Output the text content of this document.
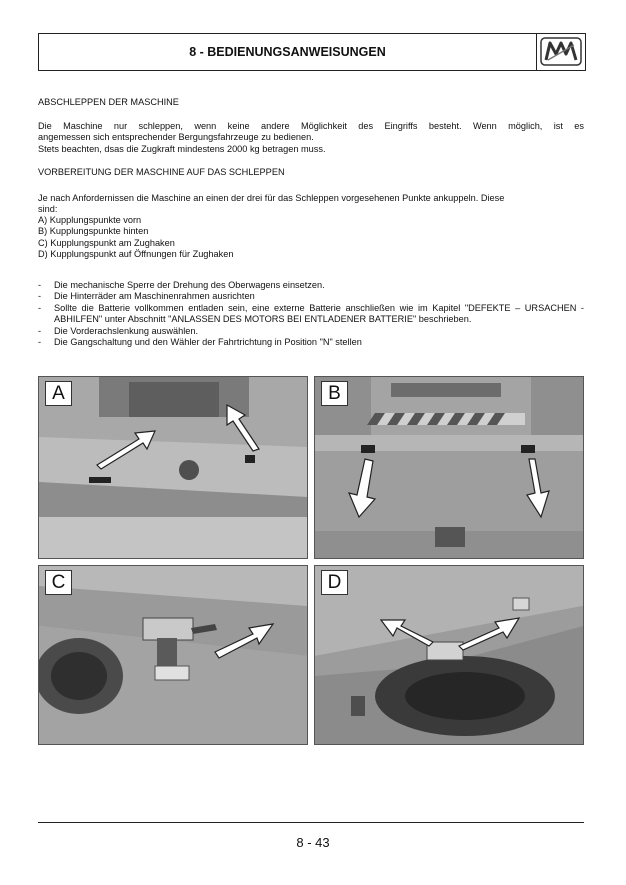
8 - BEDIENUNGSANWEISUNGEN

ABSCHLEPPEN DER MASCHINE

Die Maschine nur schleppen, wenn keine andere Möglichkeit des Eingriffs besteht. Wenn möglich, ist es
angemessen sich entsprechender Bergungsfahrzeuge zu bedienen.
Stets beachten, dsas die Zugkraft mindestens 2000 kg betragen muss.

VORBEREITUNG DER MASCHINE AUF DAS SCHLEPPEN

Je nach Anfordernissen die Maschine an einen der drei für das Schleppen vorgesehenen Punkte ankuppeln. Diese
sind:
A) Kupplungspunkte vorn
B) Kupplungspunkte hinten
C) Kupplungspunkt am Zughaken
D) Kupplungspunkt auf Öffnungen für Zughaken
- Die mechanische Sperre der Drehung des Oberwagens einsetzen.
- Die Hinterräder am Maschinenrahmen ausrichten
- Sollte die Batterie vollkommen entladen sein, eine externe Batterie anschließen wie im Kapitel "DEFEKTE – URSACHEN - ABHILFEN" unter Abschnitt "ANLASSEN DES MOTORS BEI ENTLADENER BATTERIE" beschrieben.
- Die Vorderachslenkung auswählen.
- Die Gangschaltung und den Wähler der Fahrtrichtung in Position "N" stellen
A	B
C	D
8 - 43
